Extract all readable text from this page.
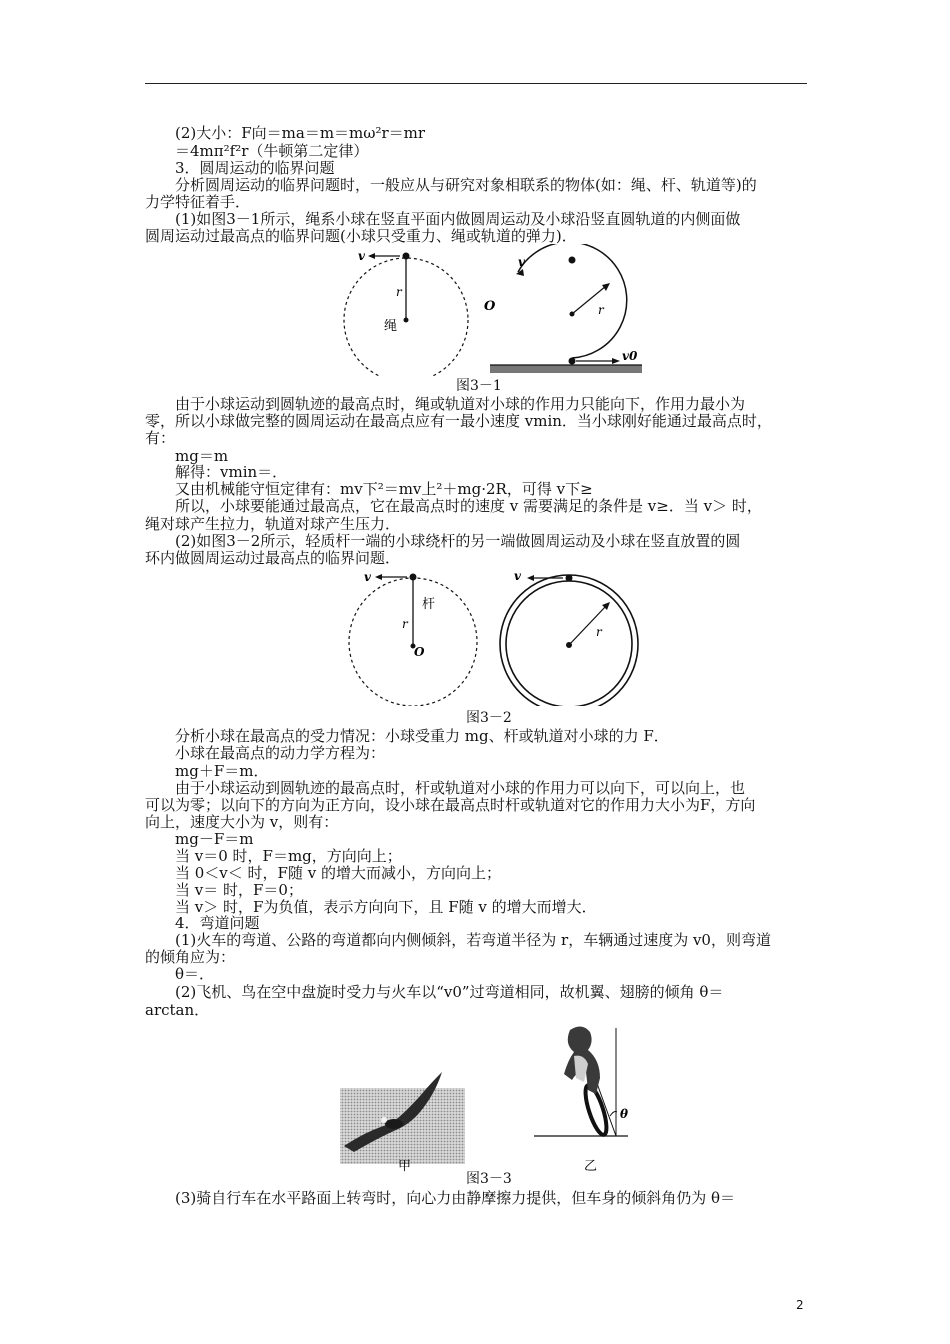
(2)大小：F向＝ma＝m＝mω²r＝mr
＝4mπ²f²r（牛顿第二定律）
3．圆周运动的临界问题
分析圆周运动的临界问题时，一般应从与研究对象相联系的物体(如：绳、杆、轨道等)的
力学特征着手．
(1)如图3－1所示，绳系小球在竖直平面内做圆周运动及小球沿竖直圆轨道的内侧面做
圆周运动过最高点的临界问题(小球只受重力、绳或轨道的弹力)．
v
r
绳
O
v
r
v0
图3－1
由于小球运动到圆轨迹的最高点时，绳或轨道对小球的作用力只能向下，作用力最小为
零，所以小球做完整的圆周运动在最高点应有一最小速度 vmin．当小球刚好能通过最高点时，
有：
mg＝m
解得：vmin＝．
又由机械能守恒定律有：mv下²＝mv上²＋mg·2R，可得 v下≥
所以，小球要能通过最高点，它在最高点时的速度 v 需要满足的条件是 v≥．当 v＞ 时，
绳对球产生拉力，轨道对球产生压力．
(2)如图3－2所示，轻质杆一端的小球绕杆的另一端做圆周运动及小球在竖直放置的圆
环内做圆周运动过最高点的临界问题．
v
杆
r
O
v
r
图3－2
分析小球在最高点的受力情况：小球受重力 mg、杆或轨道对小球的力 F．
小球在最高点的动力学方程为：
mg＋F＝m．
由于小球运动到圆轨迹的最高点时，杆或轨道对小球的作用力可以向下，可以向上，也
可以为零；以向下的方向为正方向，设小球在最高点时杆或轨道对它的作用力大小为F，方向
向上，速度大小为 v，则有：
mg－F＝m
当 v＝0 时，F＝mg，方向向上；
当 0＜v＜ 时，F随 v 的增大而减小，方向向上；
当 v＝ 时，F＝0；
当 v＞ 时，F为负值，表示方向向下，且 F随 v 的增大而增大．
4．弯道问题
(1)火车的弯道、公路的弯道都向内侧倾斜，若弯道半径为 r，车辆通过速度为 v0，则弯道
的倾角应为：
θ＝．
(2)飞机、鸟在空中盘旋时受力与火车以“v0”过弯道相同，故机翼、翅膀的倾角 θ＝
arctan．
甲
θ
乙
图3－3
(3)骑自行车在水平路面上转弯时，向心力由静摩擦力提供，但车身的倾斜角仍为 θ＝
2
